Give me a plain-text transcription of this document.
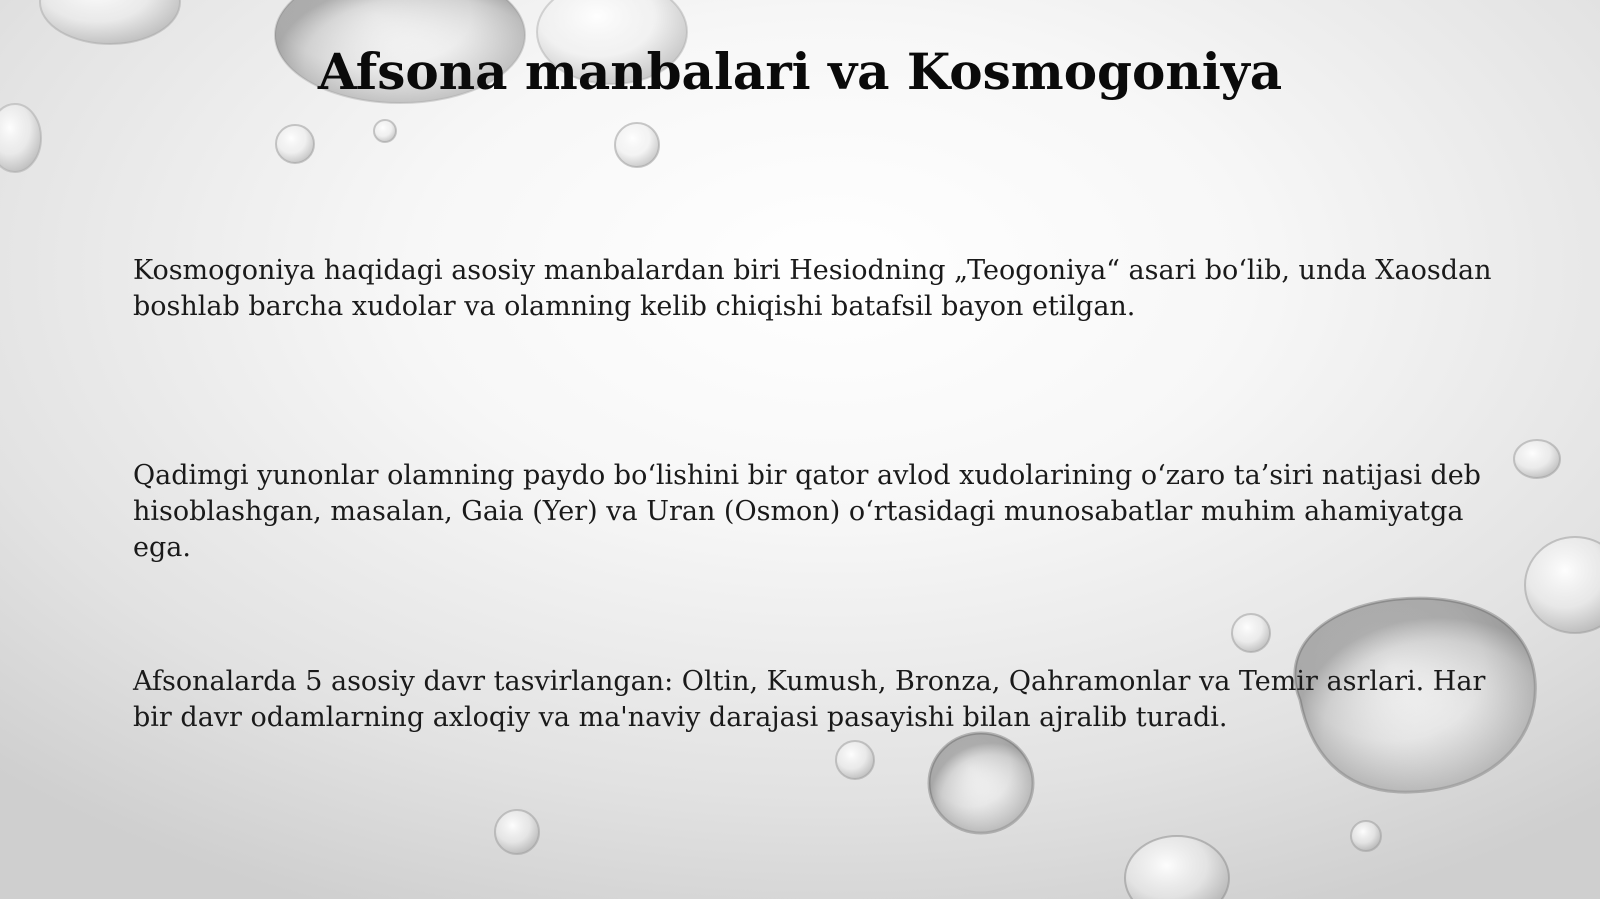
Afsona manbalari va Kosmogoniya

Kosmogoniya haqidagi asosiy manbalardan biri Hesiodning „Teogoniya“ asari bo‘lib, unda Xaosdan boshlab barcha xudolar va olamning kelib chiqishi batafsil bayon etilgan.

Qadimgi yunonlar olamning paydo bo‘lishini bir qator avlod xudolarining o‘zaro ta’siri natijasi deb hisoblashgan, masalan, Gaia (Yer) va Uran (Osmon) o‘rtasidagi munosabatlar muhim ahamiyatga ega.

Afsonalarda 5 asosiy davr tasvirlangan: Oltin, Kumush, Bronza, Qahramonlar va Temir asrlari. Har bir davr odamlarning axloqiy va ma'naviy darajasi pasayishi bilan ajralib turadi.
